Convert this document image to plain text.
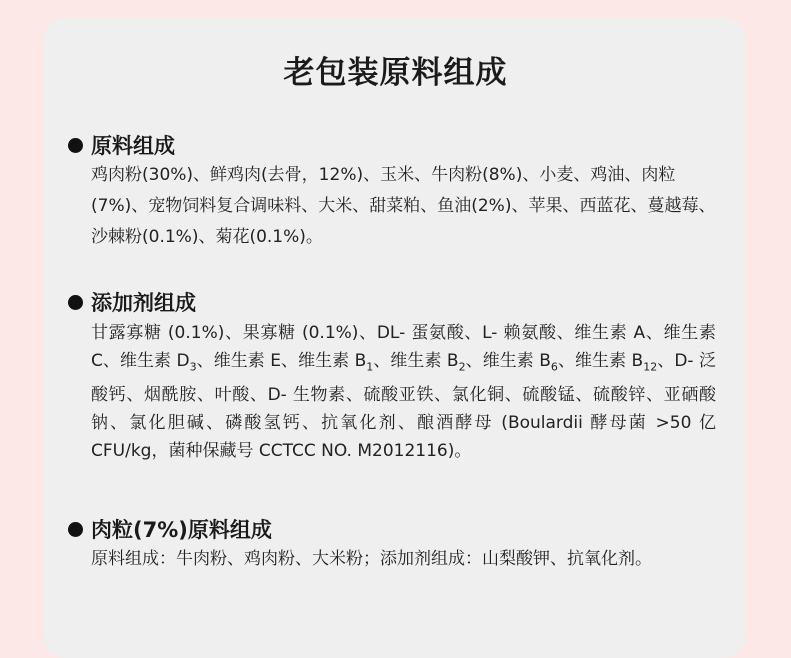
老包装原料组成
原料组成
鸡肉粉(30%)、鲜鸡肉(去骨，12%)、玉米、牛肉粉(8%)、小麦、鸡油、肉粒(7%)、宠物饲料复合调味料、大米、甜菜粕、鱼油(2%)、苹果、西蓝花、蔓越莓、沙棘粉(0.1%)、菊花(0.1%)。
添加剂组成
甘露寡糖 (0.1%)、果寡糖 (0.1%)、DL- 蛋氨酸、L- 赖氨酸、维生素 A、维生素 C、维生素 $D_3$、维生素 E、维生素 $B_1$、维生素 $B_2$、维生素 $B_6$、维生素 $B_{12}$、D- 泛酸钙、烟酰胺、叶酸、D- 生物素、硫酸亚铁、氯化铜、硫酸锰、硫酸锌、亚硒酸钠、氯化胆碱、磷酸氢钙、抗氧化剂、酿酒酵母 (Boulardii 酵母菌 >50 亿 CFU/kg，菌种保藏号 CCTCC NO. M2012116)。
肉粒(7%)原料组成
原料组成：牛肉粉、鸡肉粉、大米粉；添加剂组成：山梨酸钾、抗氧化剂。
